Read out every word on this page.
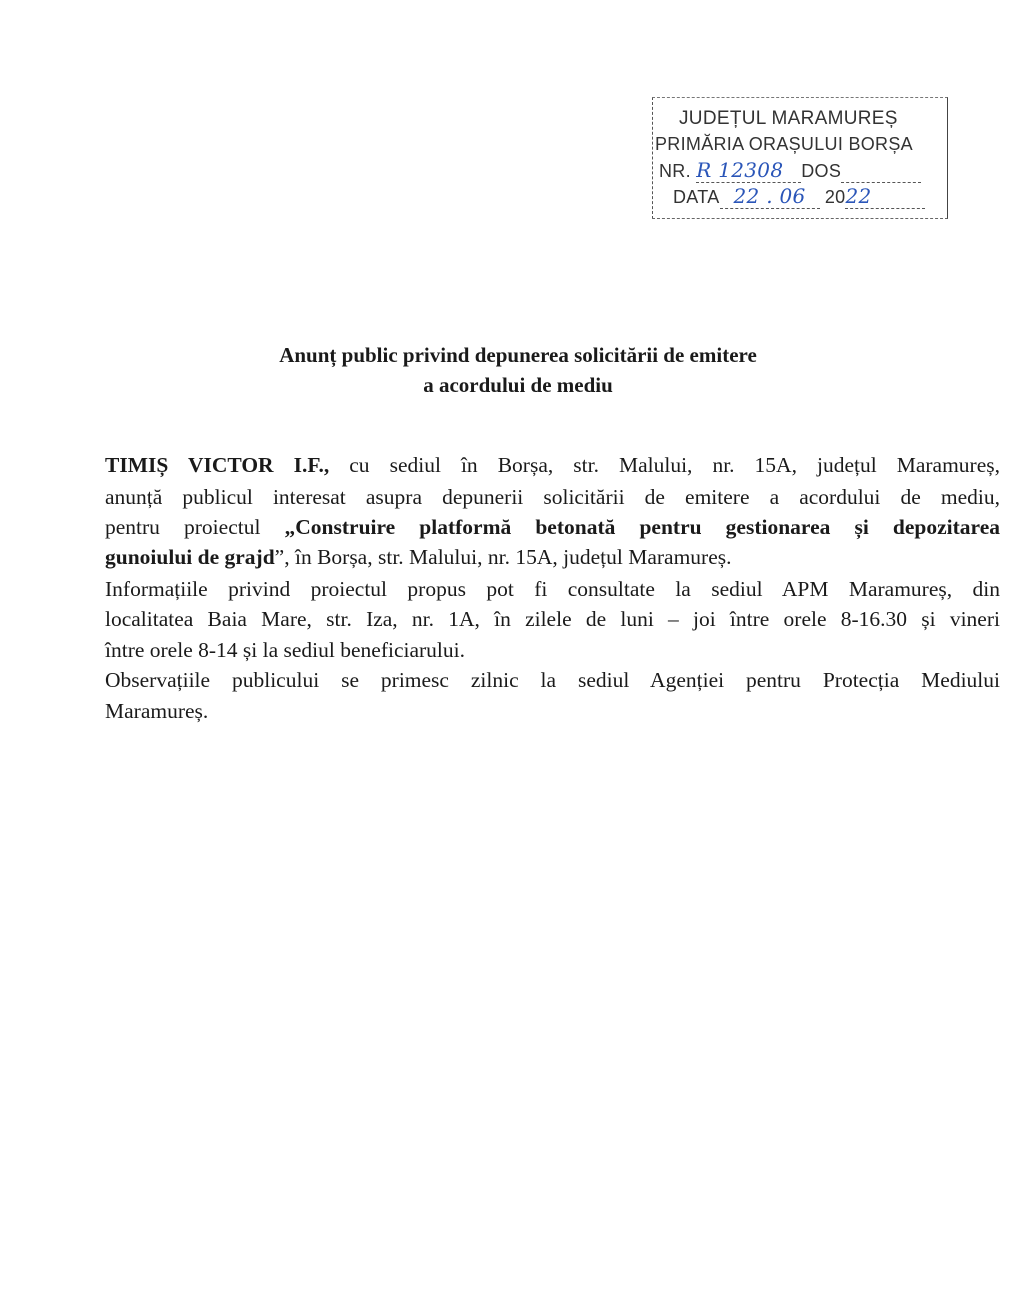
JUDEȚUL MARAMUREȘ
PRIMĂRIA ORAȘULUI BORȘA
NR. R 12308 DOS
DATA 22 . 06 2022
Anunț public privind depunerea solicitării de emitere
a acordului de mediu
TIMIȘ VICTOR I.F., cu sediul în Borșa, str. Malului, nr. 15A, județul Maramureș,
anunță publicul interesat asupra depunerii solicitării de emitere a acordului de mediu,
pentru proiectul „Construire platformă betonată pentru gestionarea și depozitarea
gunoiului de grajd”, în Borșa, str. Malului, nr. 15A, județul Maramureș.
Informațiile privind proiectul propus pot fi consultate la sediul APM Maramureș, din
localitatea Baia Mare, str. Iza, nr. 1A, în zilele de luni – joi între orele 8-16.30 și vineri
între orele 8-14 și la sediul beneficiarului.
Observațiile publicului se primesc zilnic la sediul Agenției pentru Protecția Mediului
Maramureș.
